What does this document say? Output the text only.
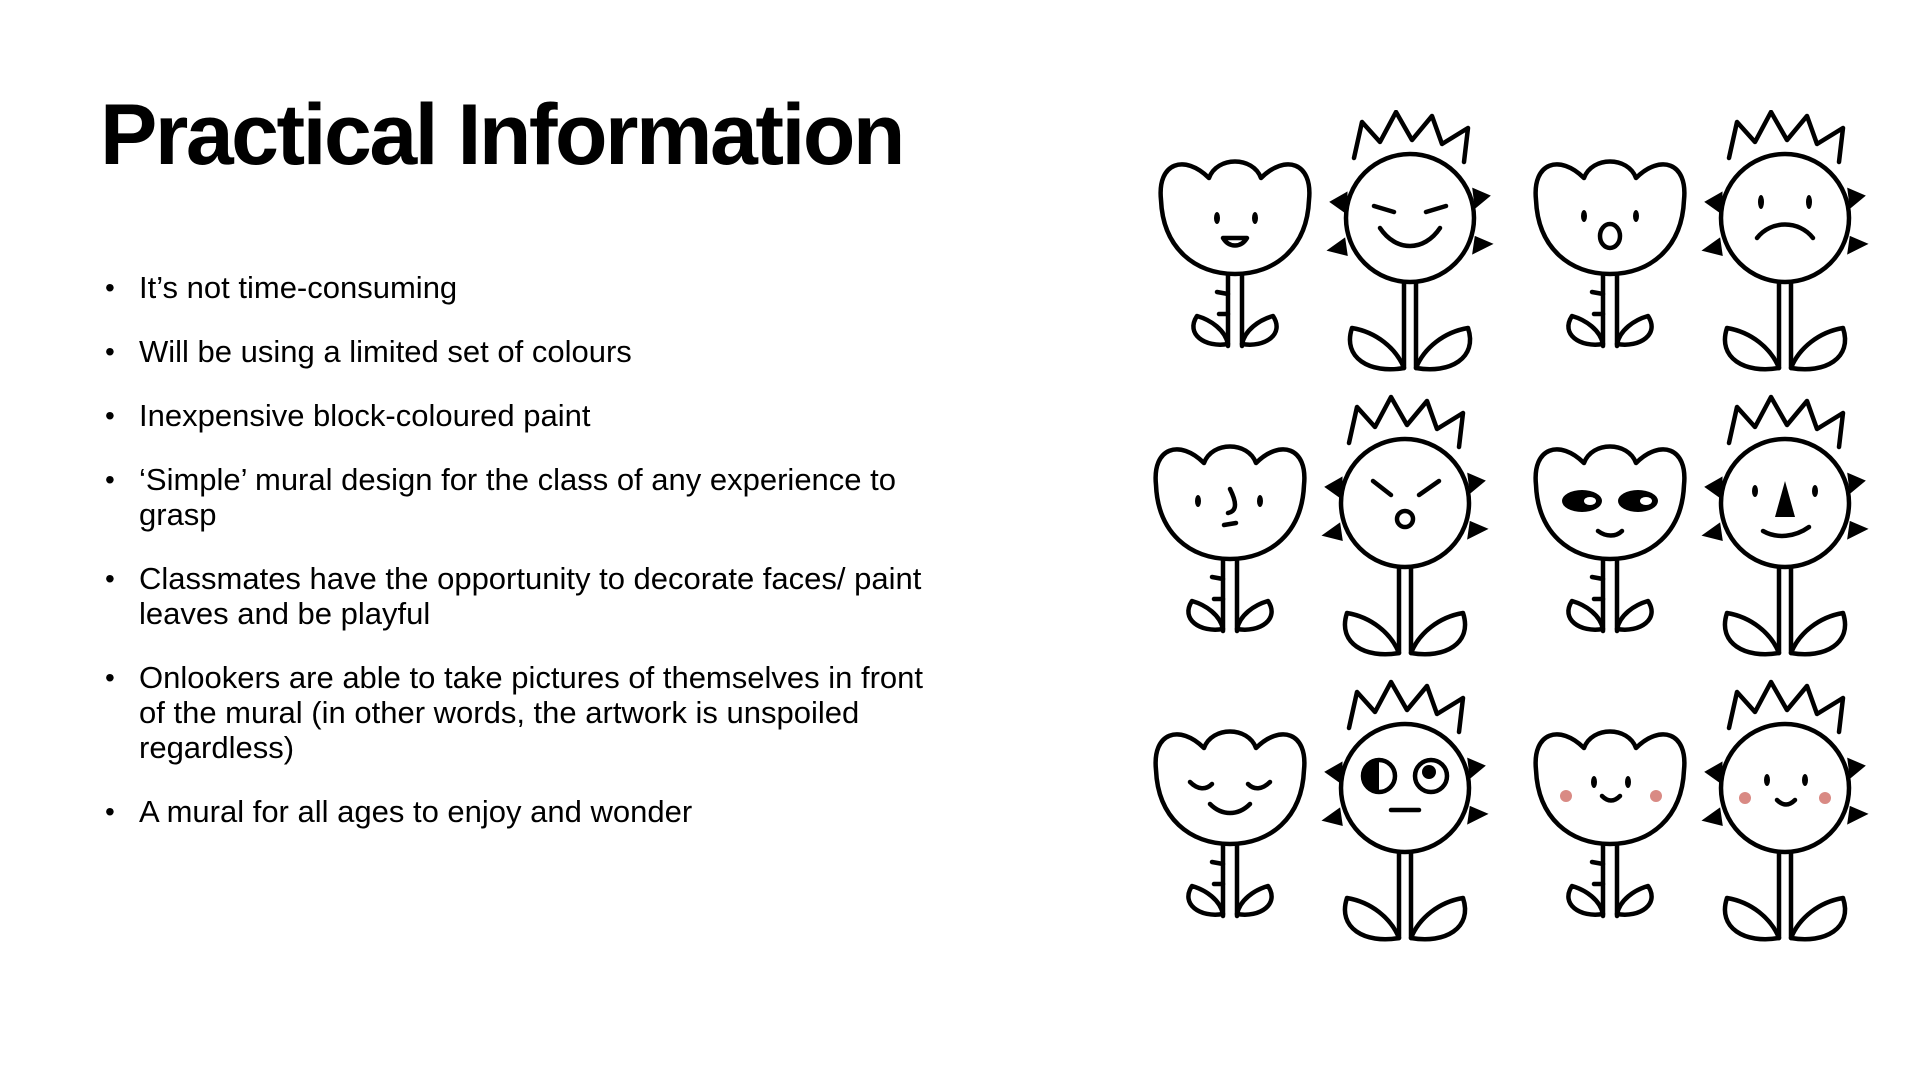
Practical Information
• It’s not time-consuming
• Will be using a limited set of colours
• Inexpensive block-coloured paint
• ‘Simple’ mural design for the class of any experience to grasp
• Classmates have the opportunity to decorate faces/ paint leaves and be playful
• Onlookers are able to take pictures of themselves in front of the mural (in other words, the artwork is unspoiled regardless)
• A mural for all ages to enjoy and wonder
